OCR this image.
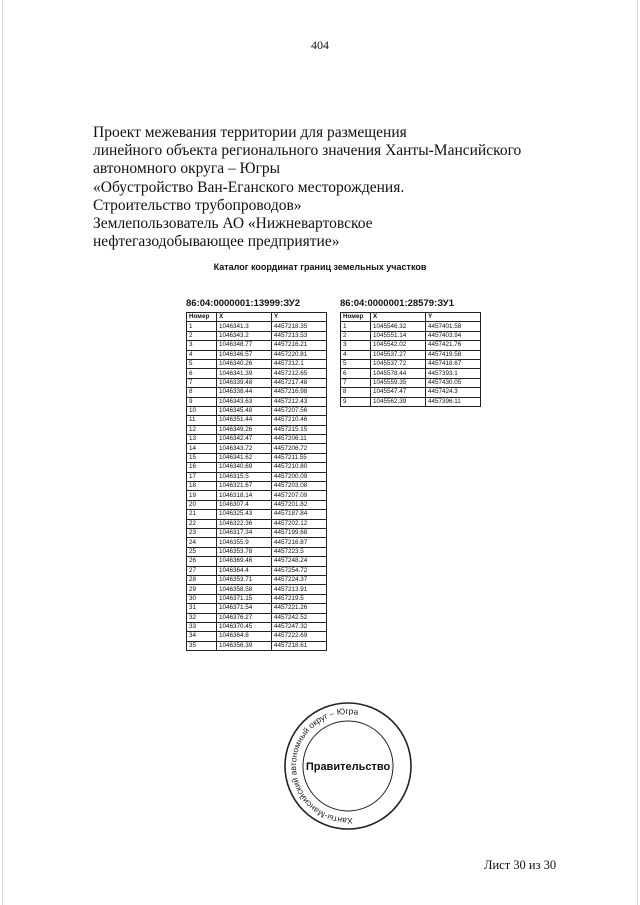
404
Проект межевания территории для размещения
линейного объекта регионального значения Ханты-Мансийского
автономного округа – Югры
«Обустройство Ван-Еганского месторождения.
Строительство трубопроводов»
Землепользователь АО «Нижневартовское
нефтегазодобывающее предприятие»
Каталог координат границ земельных участков
86:04:0000001:13999:ЗУ2
Номер	X	Y
1	1046341.3	4457218.35
2	1046343.2	4457213.53
3	1046348.77	4457216.21
4	1046346.57	4457220.81
5	1046340.26	4457212.1
6	1046341.39	4457212.65
7	1046339.48	4457217.48
8	1046338.44	4457216.98
9	1046343.63	4457212.43
10	1046345.48	4457207.56
11	1046351.44	4457210.46
12	1046349.26	4457215.15
13	1046342.47	4457206.11
14	1046343.72	4457206.72
15	1046341.62	4457211.55
16	1046340.69	4457210.80
17	1046315.5	4457200.09
18	1046321.67	4457203.08
19	1046318.14	4457207.09
20	1046307.4	4457201.82
21	1046325.43	4457187.84
22	1046322.36	4457202.12
23	1046317.34	4457199.68
24	1046355.9	4457216.87
25	1046353.78	4457223.5
26	1046369.46	4457248.24
27	1046364.4	4457254.72
28	1046353.71	4457224.37
29	1046358.58	4457213.91
30	1046371.15	4457219.5
31	1046371.54	4457221.26
32	1046376.27	4457242.52
33	1046370.45	4457247.32
34	1046364.8	4457222.69
35	1046356.39	4457218.61
86:04:0000001:28579:ЗУ1
Номер	X	Y
1	1045546.32	4457401.58
2	1045551.14	4457403.94
3	1045542.02	4457421.76
4	1045537.27	4457419.58
5	1045537.72	4457418.67
6	1045578.44	4457393.1
7	1045559.35	4457430.05
8	1045547.47	4457424.3
9	1045562.39	4457396.11
Ханты-Мансийский автономный округ – Югра
Правительство
Лист 30 из 30
